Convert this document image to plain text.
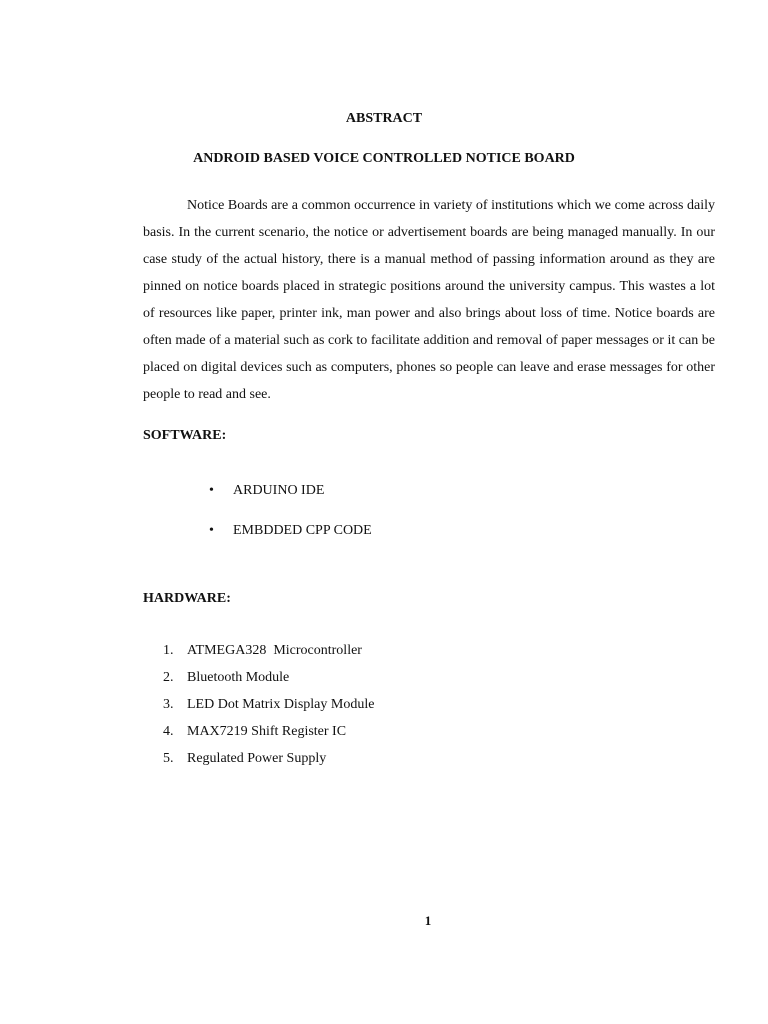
ABSTRACT
ANDROID BASED VOICE CONTROLLED NOTICE BOARD

Notice Boards are a common occurrence in variety of institutions which we come across daily basis. In the current scenario, the notice or advertisement boards are being managed manually. In our case study of the actual history, there is a manual method of passing information around as they are pinned on notice boards placed in strategic positions around the university campus. This wastes a lot of resources like paper, printer ink, man power and also brings about loss of time. Notice boards are often made of a material such as cork to facilitate addition and removal of paper messages or it can be placed on digital devices such as computers, phones so people can leave and erase messages for other people to read and see.

SOFTWARE:
• ARDUINO IDE
• EMBDDED CPP CODE
HARDWARE:
1. ATMEGA328  Microcontroller
2. Bluetooth Module
3. LED Dot Matrix Display Module
4. MAX7219 Shift Register IC
5. Regulated Power Supply

1
